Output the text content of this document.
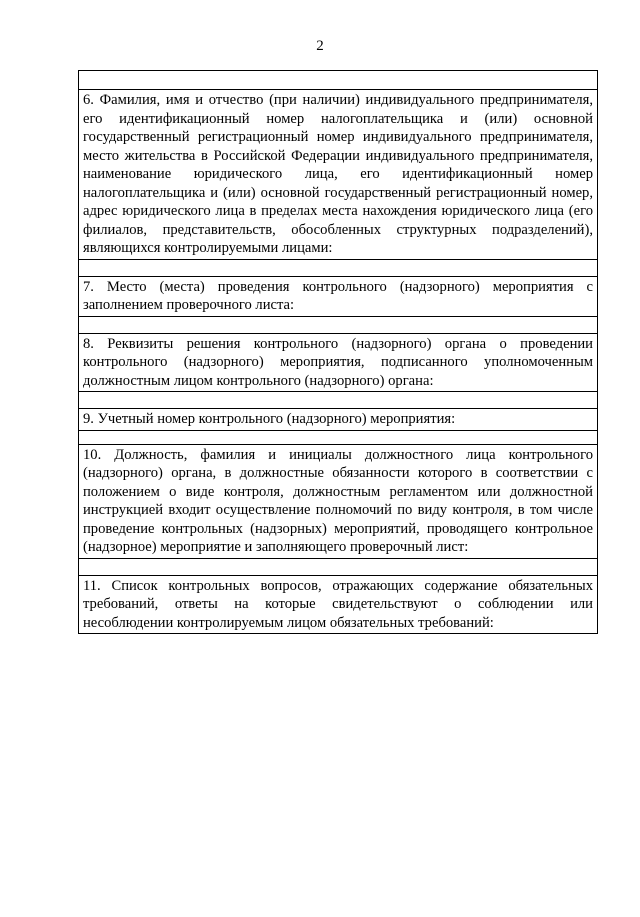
2
6. Фамилия, имя и отчество (при наличии) индивидуального предпринимателя, его идентификационный номер налогоплательщика и (или) основной государственный регистрационный номер индивидуального предпринимателя, место жительства в Российской Федерации индивидуального предпринимателя, наименование юридического лица, его идентификационный номер налогоплательщика и (или) основной государственный регистрационный номер, адрес юридического лица в пределах места нахождения юридического лица (его филиалов, представительств, обособленных структурных подразделений), являющихся контролируемыми лицами:
7. Место (места) проведения контрольного (надзорного) мероприятия с заполнением проверочного листа:
8. Реквизиты решения контрольного (надзорного) органа о проведении контрольного (надзорного) мероприятия, подписанного уполномоченным должностным лицом контрольного (надзорного) органа:
9. Учетный номер контрольного (надзорного) мероприятия:
10. Должность, фамилия и инициалы должностного лица контрольного (надзорного) органа, в должностные обязанности которого в соответствии с положением о виде контроля, должностным регламентом или должностной инструкцией входит осуществление полномочий по виду контроля, в том числе проведение контрольных (надзорных) мероприятий, проводящего контрольное (надзорное) мероприятие и заполняющего проверочный лист:
11. Список контрольных вопросов, отражающих содержание обязательных требований, ответы на которые свидетельствуют о соблюдении или несоблюдении контролируемым лицом обязательных требований:
